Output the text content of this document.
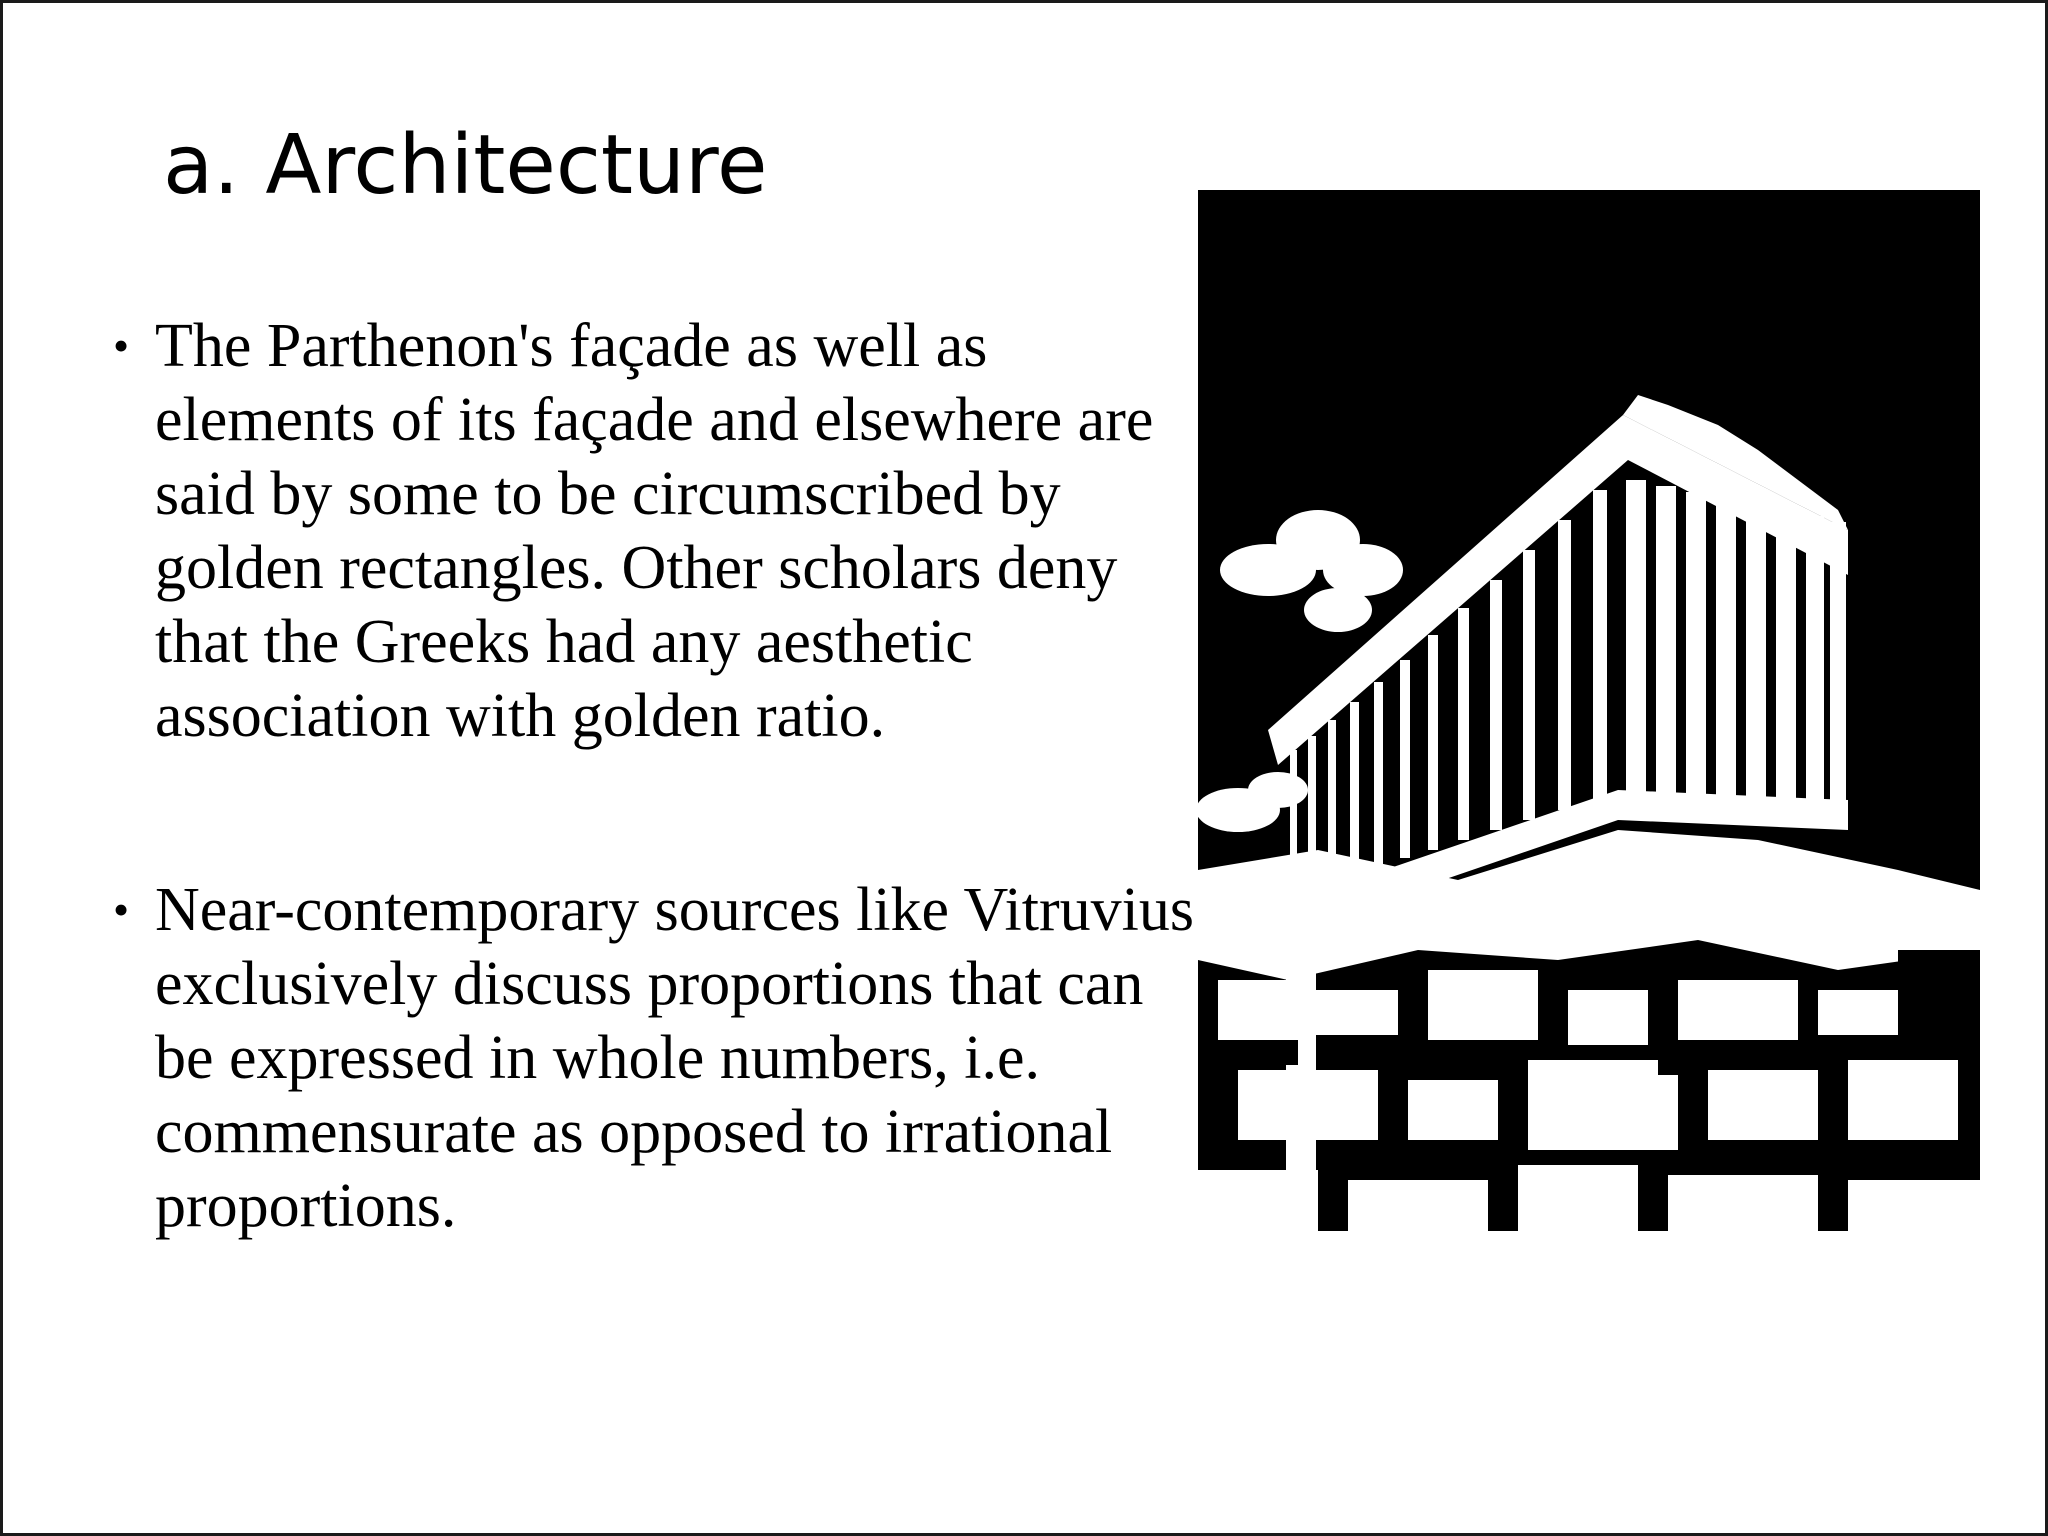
a. Architecture
• The Parthenon's façade as well as elements of its façade and elsewhere are said by some to be circumscribed by golden rectangles. Other scholars deny that the Greeks had any aesthetic association with golden ratio.
• Near-contemporary sources like Vitruvius exclusively discuss proportions that can be expressed in whole numbers, i.e. commensurate as opposed to irrational proportions.
